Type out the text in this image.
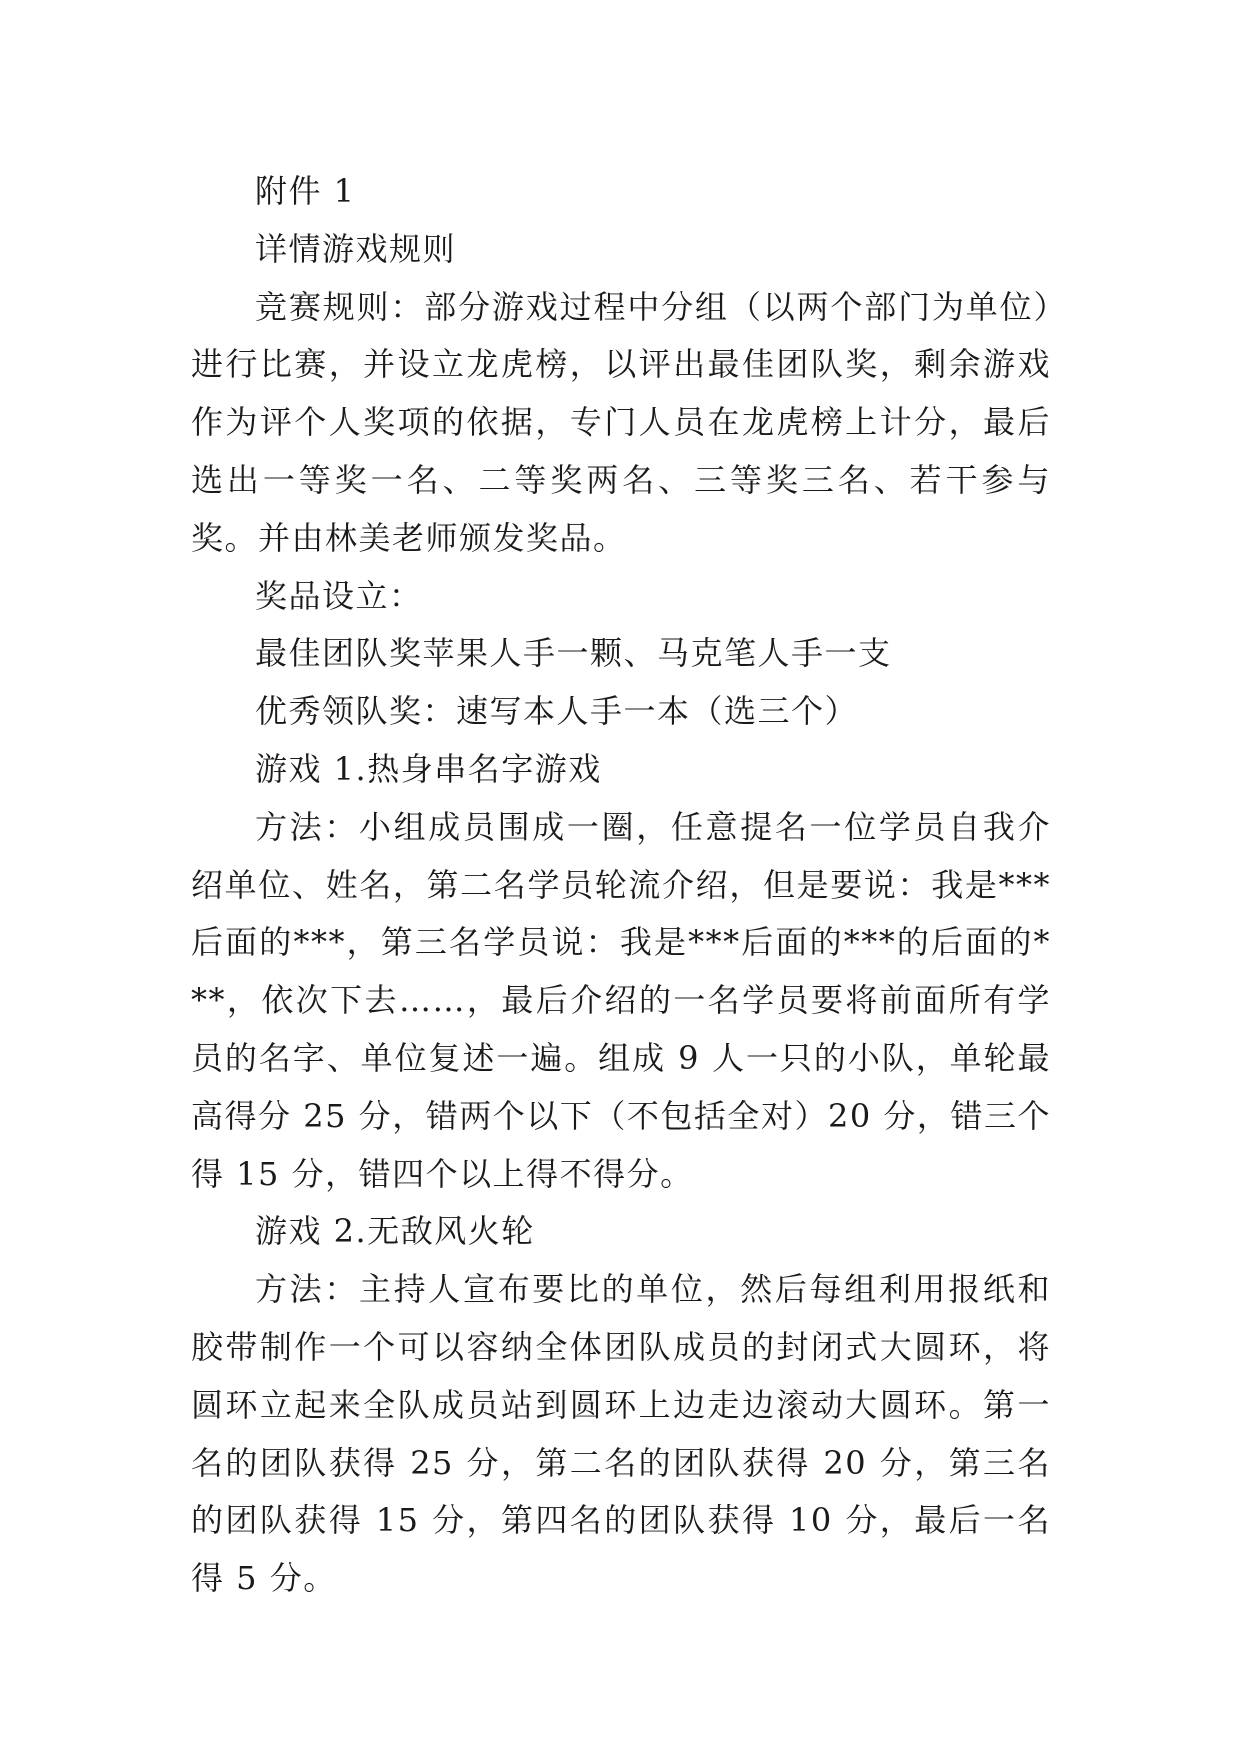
附件 1

详情游戏规则

竞赛规则：部分游戏过程中分组（以两个部门为单位）进行比赛，并设立龙虎榜，以评出最佳团队奖，剩余游戏作为评个人奖项的依据，专门人员在龙虎榜上计分，最后选出一等奖一名、二等奖两名、三等奖三名、若干参与奖。并由林美老师颁发奖品。

奖品设立：

最佳团队奖苹果人手一颗、马克笔人手一支

优秀领队奖：速写本人手一本（选三个）

游戏 1.热身串名字游戏

方法：小组成员围成一圈，任意提名一位学员自我介绍单位、姓名，第二名学员轮流介绍，但是要说：我是***后面的***，第三名学员说：我是***后面的***的后面的***，依次下去……，最后介绍的一名学员要将前面所有学员的名字、单位复述一遍。组成 9 人一只的小队，单轮最高得分 25 分，错两个以下（不包括全对）20 分，错三个得 15 分，错四个以上得不得分。

游戏 2.无敌风火轮

方法：主持人宣布要比的单位，然后每组利用报纸和胶带制作一个可以容纳全体团队成员的封闭式大圆环，将圆环立起来全队成员站到圆环上边走边滚动大圆环。第一名的团队获得 25 分，第二名的团队获得 20 分，第三名的团队获得 15 分，第四名的团队获得 10 分，最后一名得 5 分。
